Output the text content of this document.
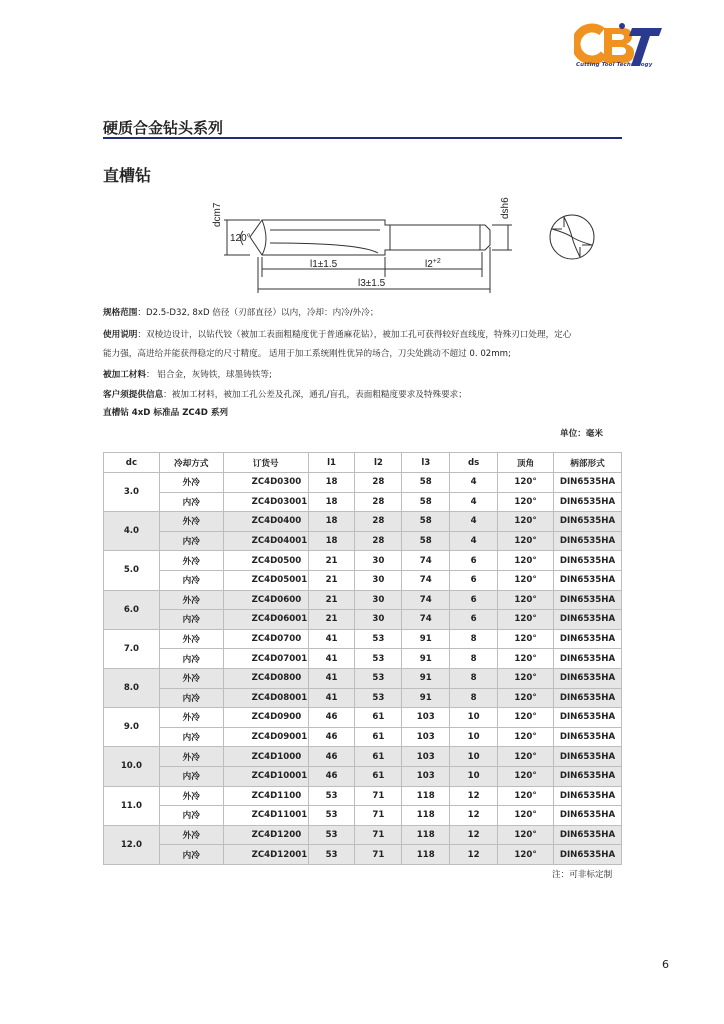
Cutting Tool Technology
硬质合金钻头系列
直槽钻
dcm7	dsh6
120°
l1±1.5	$l2^{+2}$
l3±1.5
规格范围：D2.5-D32, 8xD 倍径（刃部直径）以内，冷却：内冷/外冷；
使用说明：双棱边设计，以钻代铰（被加工表面粗糙度优于普通麻花钻），被加工孔可获得较好直线度，特殊刃口处理，定心
能力强，高进给并能获得稳定的尺寸精度。 适用于加工系统刚性优异的场合，刀尖处跳动不超过 0. 02mm;
被加工材料： 铝合金，灰铸铁，球墨铸铁等;
客户须提供信息：被加工材料，被加工孔公差及孔深，通孔/盲孔，表面粗糙度要求及特殊要求；
直槽钻 4xD 标准品 ZC4D 系列
单位：毫米
dc	冷却方式	订货号	l1	l2	l3	ds	顶角	柄部形式
3.0	外冷	ZC4D0300	18	28	58	4	120°	DIN6535HA
	内冷	ZC4D03001	18	28	58	4	120°	DIN6535HA
4.0	外冷	ZC4D0400	18	28	58	4	120°	DIN6535HA
	内冷	ZC4D04001	18	28	58	4	120°	DIN6535HA
5.0	外冷	ZC4D0500	21	30	74	6	120°	DIN6535HA
	内冷	ZC4D05001	21	30	74	6	120°	DIN6535HA
6.0	外冷	ZC4D0600	21	30	74	6	120°	DIN6535HA
	内冷	ZC4D06001	21	30	74	6	120°	DIN6535HA
7.0	外冷	ZC4D0700	41	53	91	8	120°	DIN6535HA
	内冷	ZC4D07001	41	53	91	8	120°	DIN6535HA
8.0	外冷	ZC4D0800	41	53	91	8	120°	DIN6535HA
	内冷	ZC4D08001	41	53	91	8	120°	DIN6535HA
9.0	外冷	ZC4D0900	46	61	103	10	120°	DIN6535HA
	内冷	ZC4D09001	46	61	103	10	120°	DIN6535HA
10.0	外冷	ZC4D1000	46	61	103	10	120°	DIN6535HA
	内冷	ZC4D10001	46	61	103	10	120°	DIN6535HA
11.0	外冷	ZC4D1100	53	71	118	12	120°	DIN6535HA
	内冷	ZC4D11001	53	71	118	12	120°	DIN6535HA
12.0	外冷	ZC4D1200	53	71	118	12	120°	DIN6535HA
	内冷	ZC4D12001	53	71	118	12	120°	DIN6535HA
注：可非标定制
6
